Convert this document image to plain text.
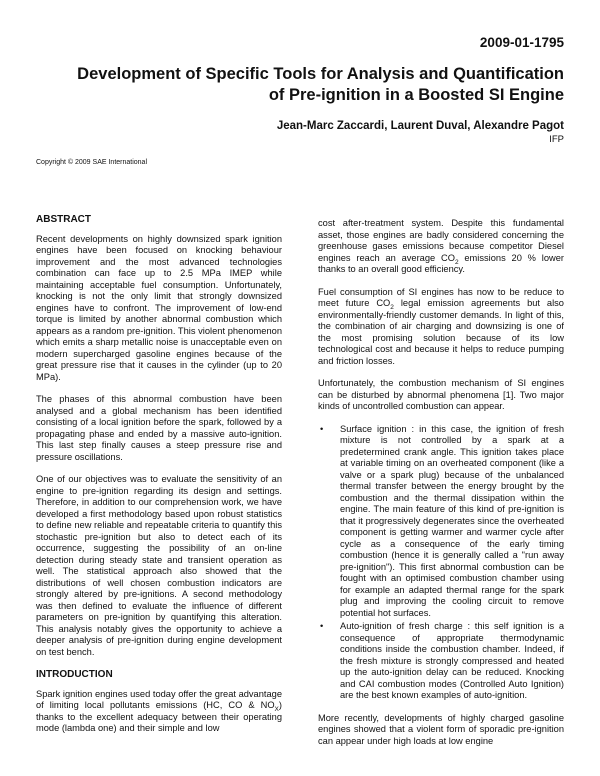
2009-01-1795
Development of Specific Tools for Analysis and Quantification
of Pre-ignition in a Boosted SI Engine
Jean-Marc Zaccardi, Laurent Duval, Alexandre Pagot
IFP
Copyright © 2009 SAE International
ABSTRACT

Recent developments on highly downsized spark ignition engines have been focused on knocking behaviour improvement and the most advanced technologies combination can face up to 2.5 MPa IMEP while maintaining acceptable fuel consumption. Unfortunately, knocking is not the only limit that strongly downsized engines have to confront. The improvement of low-end torque is limited by another abnormal combustion which appears as a random pre-ignition. This violent phenomenon which emits a sharp metallic noise is unacceptable even on modern supercharged gasoline engines because of the great pressure rise that it causes in the cylinder (up to 20 MPa).

The phases of this abnormal combustion have been analysed and a global mechanism has been identified consisting of a local ignition before the spark, followed by a propagating phase and ended by a massive auto-ignition. This last step finally causes a steep pressure rise and pressure oscillations.

One of our objectives was to evaluate the sensitivity of an engine to pre-ignition regarding its design and settings. Therefore, in addition to our comprehension work, we have developed a first methodology based upon robust statistics to define new reliable and repeatable criteria to quantify this stochastic pre-ignition but also to detect each of its occurrence, suggesting the possibility of an on-line detection during steady state and transient operation as well. The statistical approach also showed that the distributions of well chosen combustion indicators are strongly altered by pre-ignitions. A second methodology was then defined to evaluate the influence of different parameters on pre-ignition by quantifying this alteration. This analysis notably gives the opportunity to achieve a deeper analysis of pre-ignition during engine development on test bench.

INTRODUCTION

Spark ignition engines used today offer the great advantage of limiting local pollutants emissions (HC, CO & $NO_X$) thanks to the excellent adequacy between their operating mode (lambda one) and their simple and low

cost after-treatment system. Despite this fundamental asset, those engines are badly considered concerning the greenhouse gases emissions because competitor Diesel engines reach an average $CO_2$ emissions 20 % lower thanks to an overall good efficiency.

Fuel consumption of SI engines has now to be reduce to meet future $CO_2$ legal emission agreements but also environmentally-friendly customer demands. In light of this, the combination of air charging and downsizing is one of the most promising solution because of its low technological cost and because it helps to reduce pumping and friction losses.

Unfortunately, the combustion mechanism of SI engines can be disturbed by abnormal phenomena [1]. Two major kinds of uncontrolled combustion can appear.

• Surface ignition : in this case, the ignition of fresh mixture is not controlled by a spark at a predetermined crank angle. This ignition takes place at variable timing on an overheated component (like a valve or a spark plug) because of the unbalanced thermal transfer between the energy brought by the combustion and the thermal dissipation within the engine. The main feature of this kind of pre-ignition is that it progressively degenerates since the overheated component is getting warmer and warmer cycle after cycle as a consequence of the early timing combustion (hence it is generally called a "run away pre-ignition"). This first abnormal combustion can be fought with an optimised combustion chamber using for example an adapted thermal range for the spark plug and improving the cooling circuit to remove potential hot surfaces.
• Auto-ignition of fresh charge : this self ignition is a consequence of appropriate thermodynamic conditions inside the combustion chamber. Indeed, if the fresh mixture is strongly compressed and heated up the auto-ignition delay can be reduced. Knocking and CAI combustion modes (Controlled Auto Ignition) are the best known examples of auto-ignition.

More recently, developments of highly charged gasoline engines showed that a violent form of sporadic pre-ignition can appear under high loads at low engine
